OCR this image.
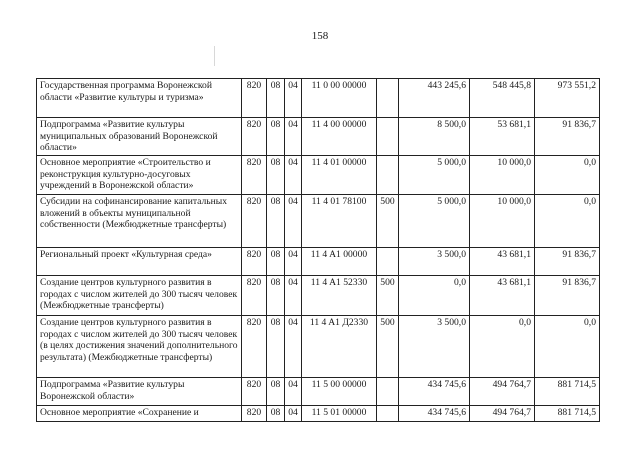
158
Государственная программа Воронежской области «Развитие культуры и туризма»	820	08	04	11 0 00 00000		443 245,6	548 445,8	973 551,2
Подпрограмма «Развитие культуры муниципальных образований Воронежской области»	820	08	04	11 4 00 00000		8 500,0	53 681,1	91 836,7
Основное мероприятие «Строительство и реконструкция культурно-досуговых учреждений в Воронежской области»	820	08	04	11 4 01 00000		5 000,0	10 000,0	0,0
Субсидии на софинансирование капитальных вложений в объекты муниципальной собственности (Межбюджетные трансферты)	820	08	04	11 4 01 78100	500	5 000,0	10 000,0	0,0
Региональный проект «Культурная среда»	820	08	04	11 4 A1 00000		3 500,0	43 681,1	91 836,7
Создание центров культурного развития в городах с числом жителей до 300 тысяч человек (Межбюджетные трансферты)	820	08	04	11 4 A1 52330	500	0,0	43 681,1	91 836,7
Создание центров культурного развития в городах с числом жителей до 300 тысяч человек (в целях достижения значений дополнительного результата) (Межбюджетные трансферты)	820	08	04	11 4 A1 Д2330	500	3 500,0	0,0	0,0
Подпрограмма «Развитие культуры Воронежской области»	820	08	04	11 5 00 00000		434 745,6	494 764,7	881 714,5
Основное мероприятие «Сохранение и	820	08	04	11 5 01 00000		434 745,6	494 764,7	881 714,5
